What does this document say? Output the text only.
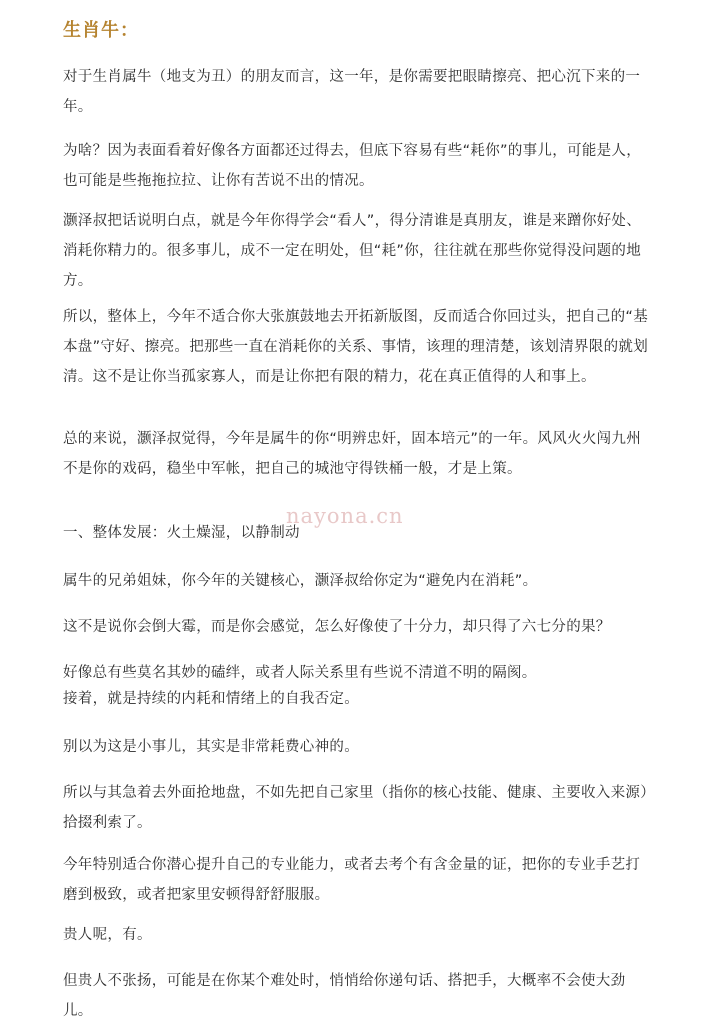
生肖牛：

对于生肖属牛（地支为丑）的朋友而言，这一年，是你需要把眼睛擦亮、把心沉下来的一年。

为啥？因为表面看着好像各方面都还过得去，但底下容易有些“耗你”的事儿，可能是人，也可能是些拖拖拉拉、让你有苦说不出的情况。

灏泽叔把话说明白点，就是今年你得学会“看人”，得分清谁是真朋友，谁是来蹭你好处、消耗你精力的。很多事儿，成不一定在明处，但“耗”你，往往就在那些你觉得没问题的地方。

所以，整体上，今年不适合你大张旗鼓地去开拓新版图，反而适合你回过头，把自己的“基本盘”守好、擦亮。把那些一直在消耗你的关系、事情，该理的理清楚，该划清界限的就划清。这不是让你当孤家寡人，而是让你把有限的精力，花在真正值得的人和事上。

总的来说，灏泽叔觉得，今年是属牛的你“明辨忠奸，固本培元”的一年。风风火火闯九州不是你的戏码，稳坐中军帐，把自己的城池守得铁桶一般，才是上策。

一、整体发展：火土燥湿，以静制动

属牛的兄弟姐妹，你今年的关键核心，灏泽叔给你定为“避免内在消耗”。

这不是说你会倒大霉，而是你会感觉，怎么好像使了十分力，却只得了六七分的果？

好像总有些莫名其妙的磕绊，或者人际关系里有些说不清道不明的隔阂。

接着，就是持续的内耗和情绪上的自我否定。

别以为这是小事儿，其实是非常耗费心神的。

所以与其急着去外面抢地盘，不如先把自己家里（指你的核心技能、健康、主要收入来源）拾掇利索了。

今年特别适合你潜心提升自己的专业能力，或者去考个有含金量的证，把你的专业手艺打磨到极致，或者把家里安顿得舒舒服服。

贵人呢，有。

但贵人不张扬，可能是在你某个难处时，悄悄给你递句话、搭把手，大概率不会使大劲儿。

nayona.cn
